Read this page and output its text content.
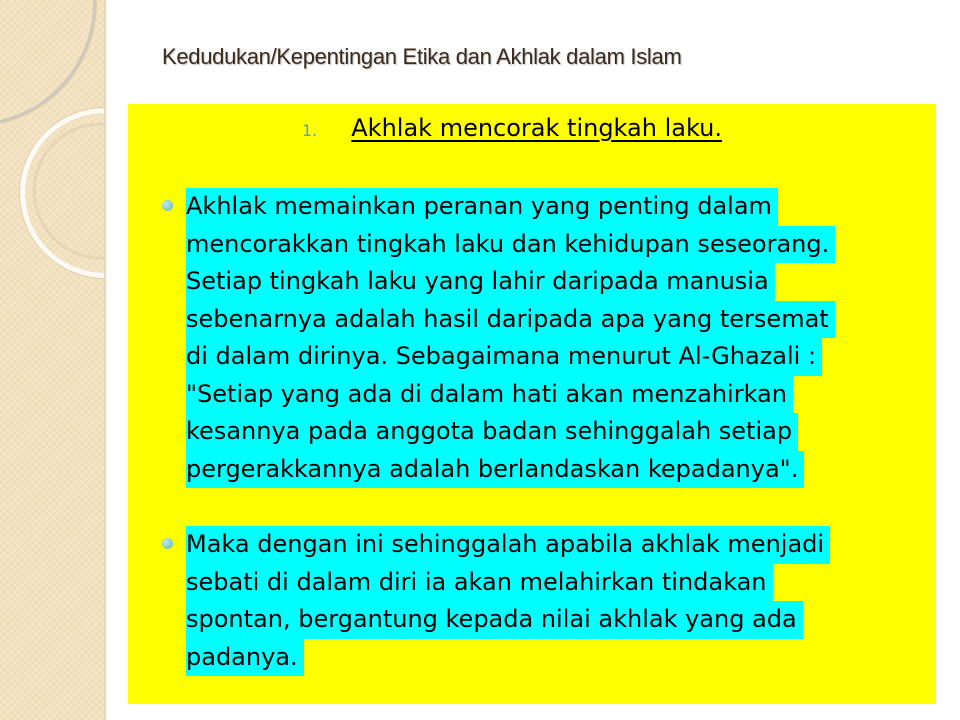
Kedudukan/Kepentingan Etika dan Akhlak dalam Islam
1. Akhlak mencorak tingkah laku.
Akhlak memainkan peranan yang penting dalam
mencorakkan tingkah laku dan kehidupan seseorang.
Setiap tingkah laku yang lahir daripada manusia
sebenarnya adalah hasil daripada apa yang tersemat
di dalam dirinya. Sebagaimana menurut Al-Ghazali :
"Setiap yang ada di dalam hati akan menzahirkan
kesannya pada anggota badan sehinggalah setiap
pergerakkannya adalah berlandaskan kepadanya".
Maka dengan ini sehinggalah apabila akhlak menjadi
sebati di dalam diri ia akan melahirkan tindakan
spontan, bergantung kepada nilai akhlak yang ada
padanya.
